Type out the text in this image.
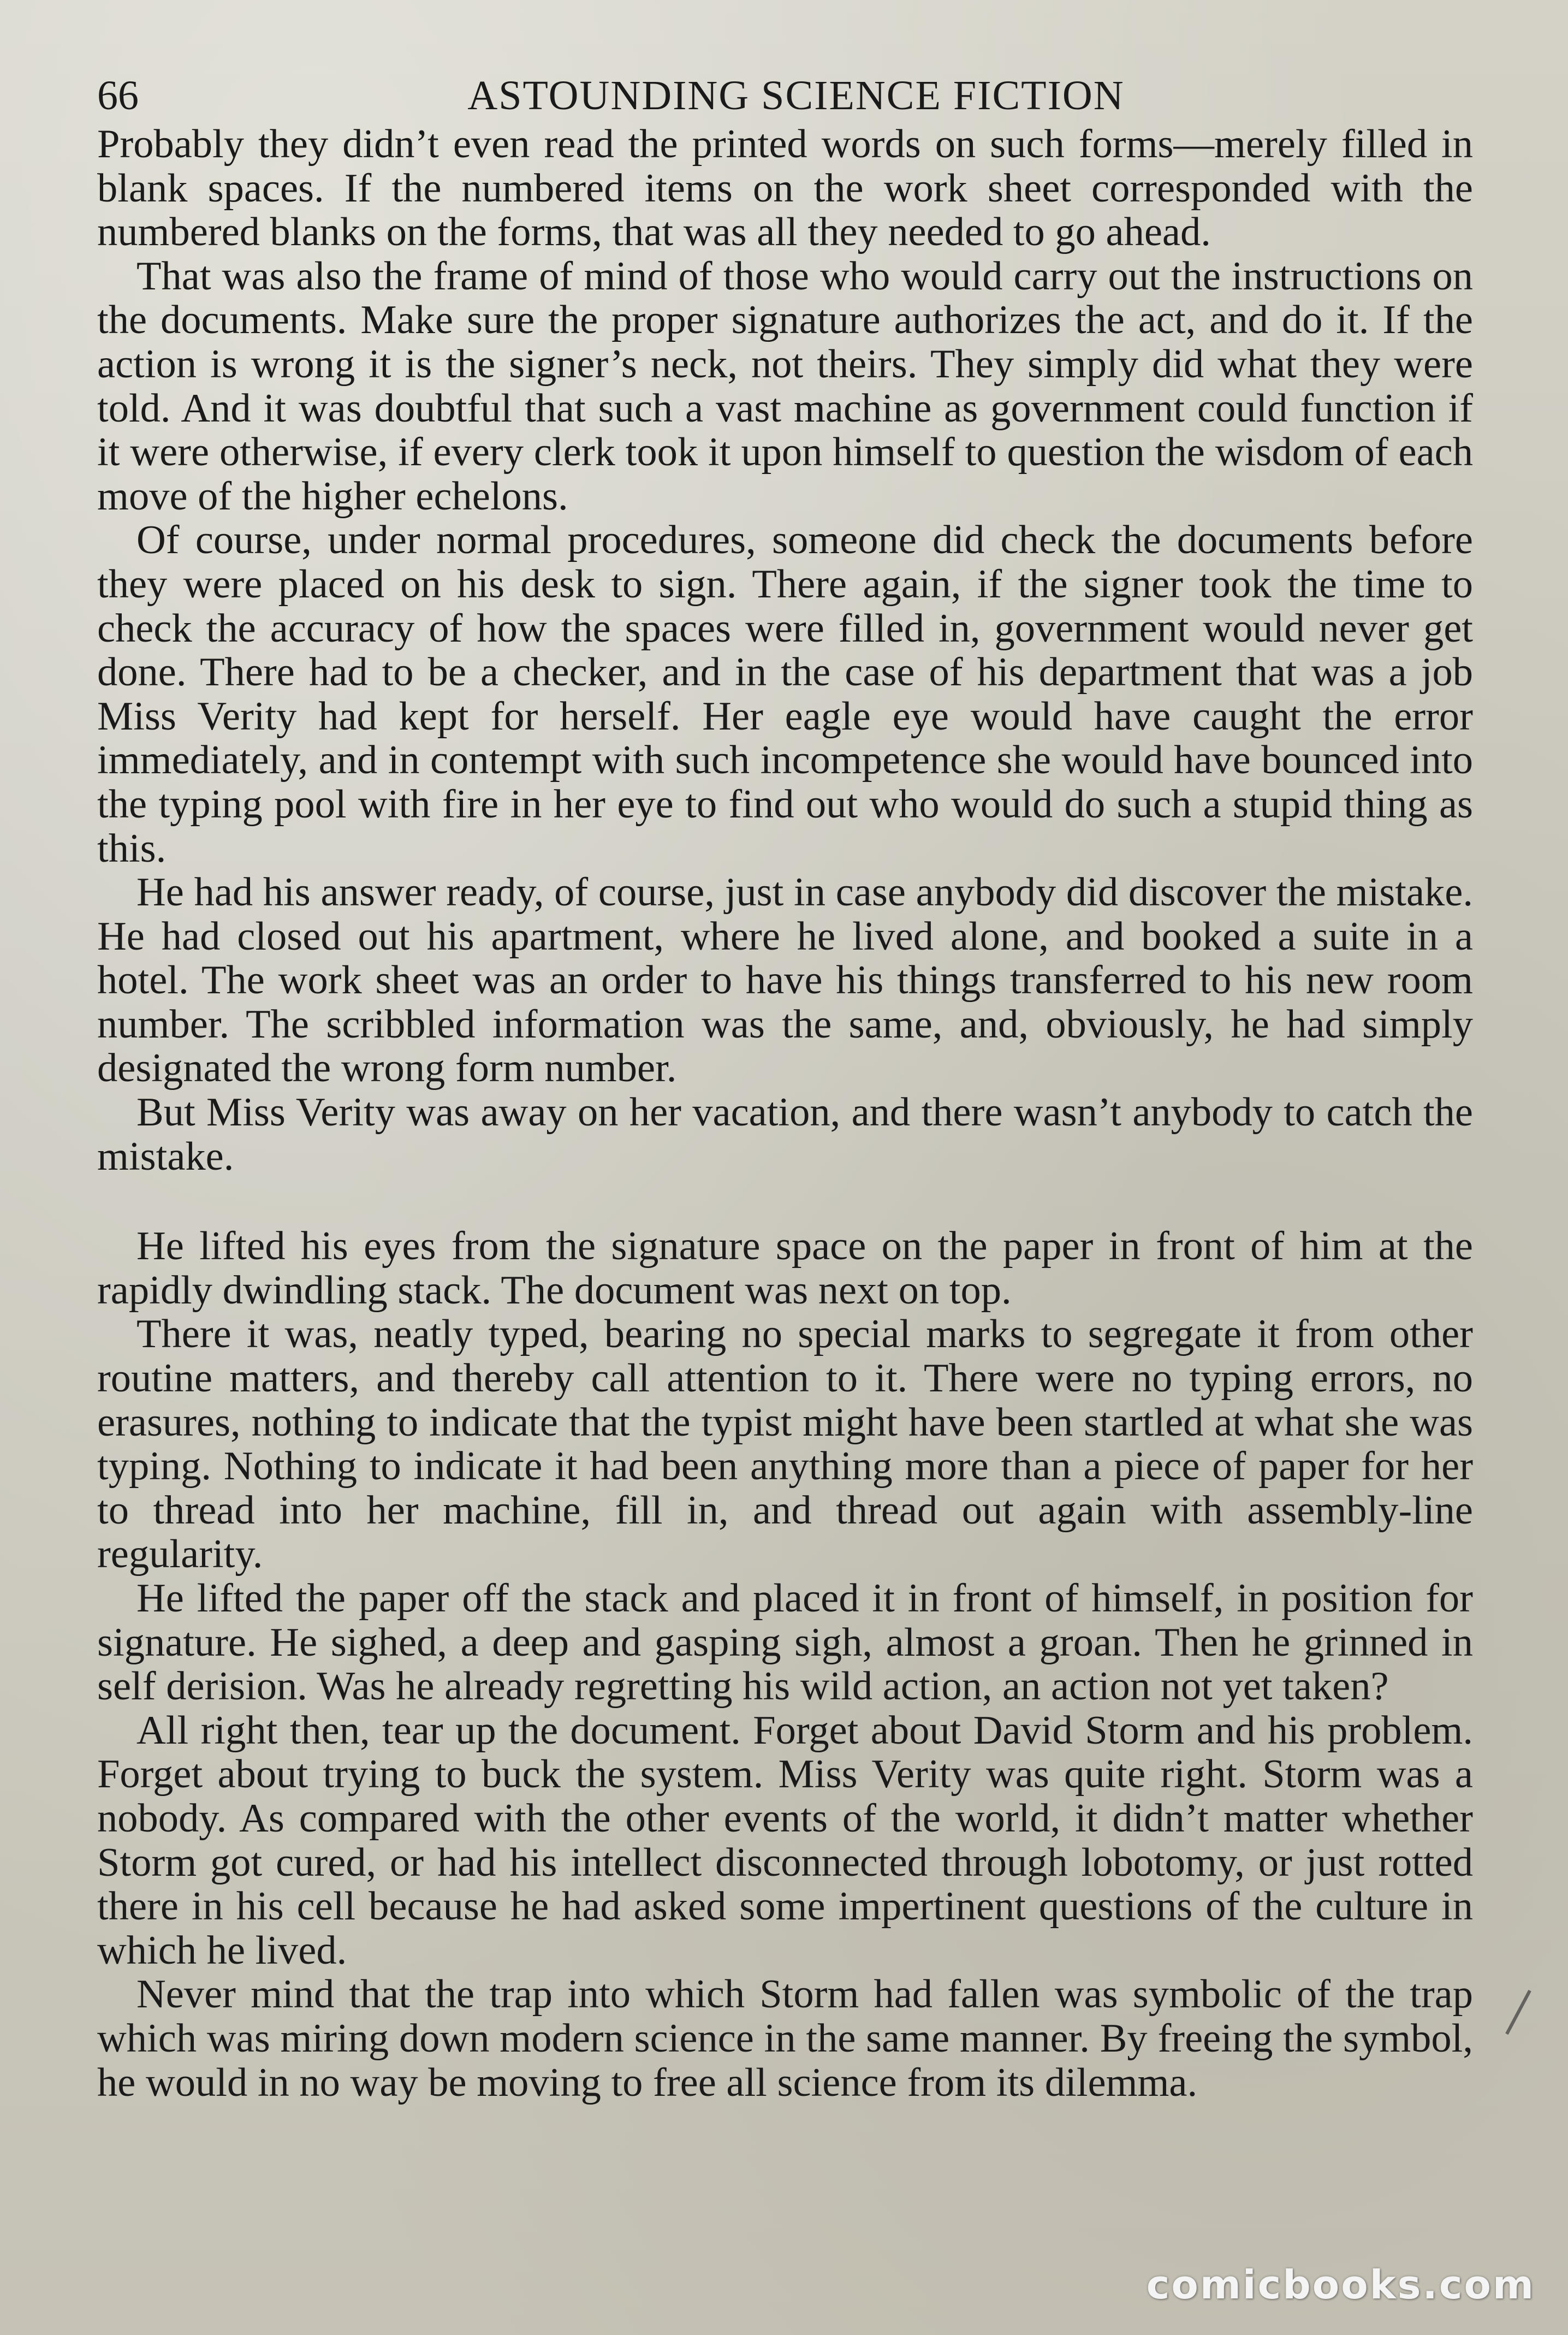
66	ASTOUNDING SCIENCE FICTION

Probably they didn’t even read the printed words on such forms—merely filled in blank spaces. If the numbered items on the work sheet corresponded with the numbered blanks on the forms, that was all they needed to go ahead.

That was also the frame of mind of those who would carry out the instructions on the documents. Make sure the proper signature authorizes the act, and do it. If the action is wrong it is the signer’s neck, not theirs. They simply did what they were told. And it was doubtful that such a vast machine as government could function if it were otherwise, if every clerk took it upon himself to question the wisdom of each move of the higher echelons.

Of course, under normal procedures, someone did check the documents before they were placed on his desk to sign. There again, if the signer took the time to check the accuracy of how the spaces were filled in, government would never get done. There had to be a checker, and in the case of his department that was a job Miss Verity had kept for herself. Her eagle eye would have caught the error immediately, and in contempt with such incompetence she would have bounced into the typing pool with fire in her eye to find out who would do such a stupid thing as this.

He had his answer ready, of course, just in case anybody did discover the mistake. He had closed out his apartment, where he lived alone, and booked a suite in a hotel. The work sheet was an order to have his things transferred to his new room number. The scribbled information was the same, and, obviously, he had simply designated the wrong form number.

But Miss Verity was away on her vacation, and there wasn’t anybody to catch the mistake.

He lifted his eyes from the signature space on the paper in front of him at the rapidly dwindling stack. The document was next on top.

There it was, neatly typed, bearing no special marks to segregate it from other routine matters, and thereby call attention to it. There were no typing errors, no erasures, nothing to indicate that the typist might have been startled at what she was typing. Nothing to indicate it had been anything more than a piece of paper for her to thread into her machine, fill in, and thread out again with assembly-line regularity.

He lifted the paper off the stack and placed it in front of himself, in position for signature. He sighed, a deep and gasping sigh, almost a groan. Then he grinned in self derision. Was he already regretting his wild action, an action not yet taken?

All right then, tear up the document. Forget about David Storm and his problem. Forget about trying to buck the system. Miss Verity was quite right. Storm was a nobody. As compared with the other events of the world, it didn’t matter whether Storm got cured, or had his intellect disconnected through lobotomy, or just rotted there in his cell because he had asked some impertinent questions of the culture in which he lived.

Never mind that the trap into which Storm had fallen was symbolic of the trap which was miring down modern science in the same manner. By freeing the symbol, he would in no way be moving to free all science from its dilemma.

comicbooks.com
